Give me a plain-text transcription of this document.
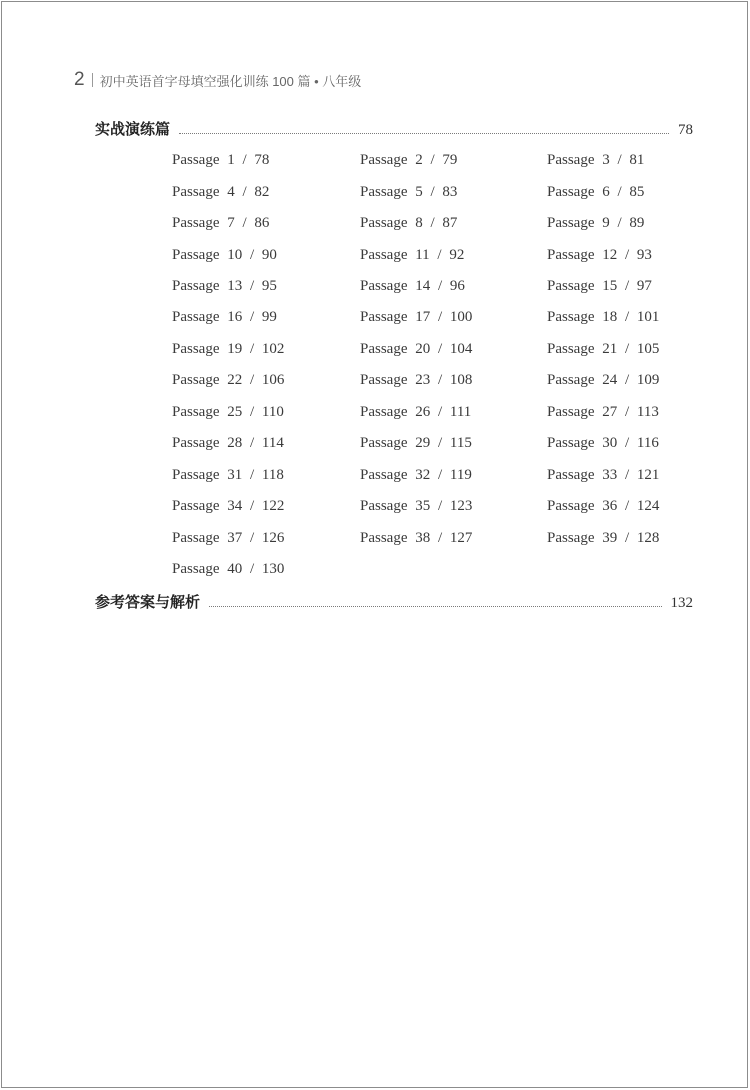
2 初中英语首字母填空强化训练 100 篇 • 八年级
实战演练篇	78
Passage 1 / 78	Passage 2 / 79	Passage 3 / 81
Passage 4 / 82	Passage 5 / 83	Passage 6 / 85
Passage 7 / 86	Passage 8 / 87	Passage 9 / 89
Passage 10 / 90	Passage 11 / 92	Passage 12 / 93
Passage 13 / 95	Passage 14 / 96	Passage 15 / 97
Passage 16 / 99	Passage 17 / 100	Passage 18 / 101
Passage 19 / 102	Passage 20 / 104	Passage 21 / 105
Passage 22 / 106	Passage 23 / 108	Passage 24 / 109
Passage 25 / 110	Passage 26 / 111	Passage 27 / 113
Passage 28 / 114	Passage 29 / 115	Passage 30 / 116
Passage 31 / 118	Passage 32 / 119	Passage 33 / 121
Passage 34 / 122	Passage 35 / 123	Passage 36 / 124
Passage 37 / 126	Passage 38 / 127	Passage 39 / 128
Passage 40 / 130
参考答案与解析	132
